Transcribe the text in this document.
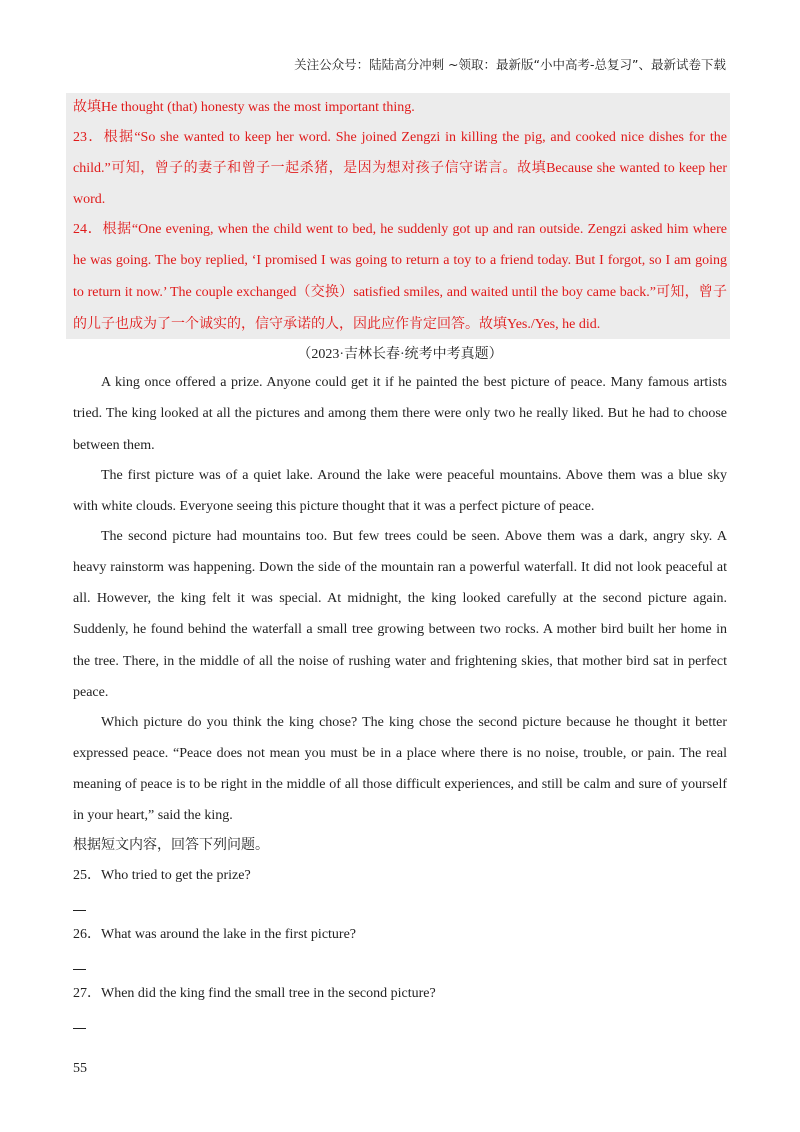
关注公众号：陆陆高分冲刺 ~领取：最新版“小中高考-总复习”、最新试卷下载
故填He thought (that) honesty was the most important thing.
23．根据“So she wanted to keep her word. She joined Zengzi in killing the pig, and cooked nice dishes for the
child.”可知，曾子的妻子和曾子一起杀猪，是因为想对孩子信守诺言。故填Because she wanted to keep her
word.
24．根据“One evening, when the child went to bed, he suddenly got up and ran outside. Zengzi asked him where
he was going. The boy replied, ‘I promised I was going to return a toy to a friend today. But I forgot, so I am going
to return it now.’ The couple exchanged（交换）satisfied smiles, and waited until the boy came back.”可知，曾子
的儿子也成为了一个诚实的，信守承诺的人，因此应作肯定回答。故填Yes./Yes, he did.
（2023·吉林长春·统考中考真题）
A king once offered a prize. Anyone could get it if he painted the best picture of peace. Many famous artists
tried. The king looked at all the pictures and among them there were only two he really liked. But he had to choose
between them.
The first picture was of a quiet lake. Around the lake were peaceful mountains. Above them was a blue sky
with white clouds. Everyone seeing this picture thought that it was a perfect picture of peace.
The second picture had mountains too. But few trees could be seen. Above them was a dark, angry sky. A
heavy rainstorm was happening. Down the side of the mountain ran a powerful waterfall. It did not look peaceful at
all. However, the king felt it was special. At midnight, the king looked carefully at the second picture again.
Suddenly, he found behind the waterfall a small tree growing between two rocks. A mother bird built her home in
the tree. There, in the middle of all the noise of rushing water and frightening skies, that mother bird sat in perfect
peace.
Which picture do you think the king chose? The king chose the second picture because he thought it better
expressed peace. “Peace does not mean you must be in a place where there is no noise, trouble, or pain. The real
meaning of peace is to be right in the middle of all those difficult experiences, and still be calm and sure of yourself
in your heart,” said the king.
根据短文内容，回答下列问题。
25．Who tried to get the prize?
26．What was around the lake in the first picture?
27．When did the king find the small tree in the second picture?
55
